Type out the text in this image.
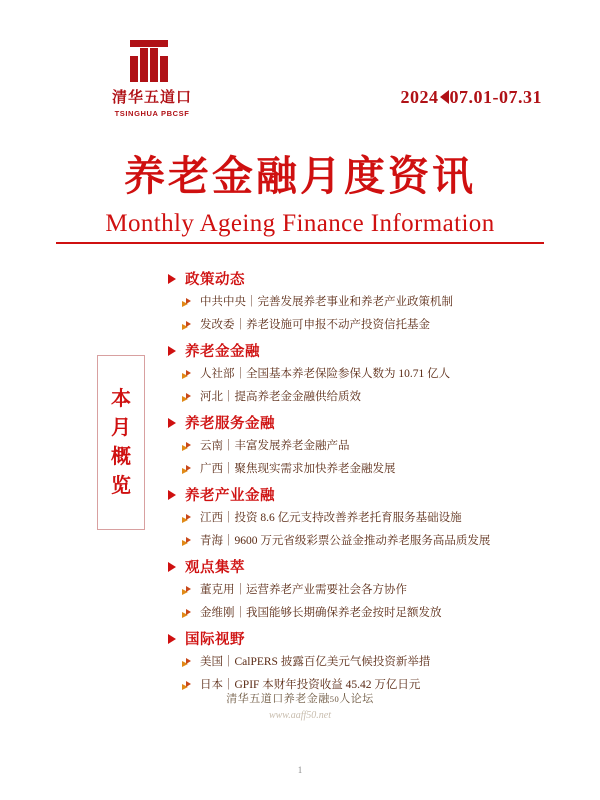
清华五道口
TSINGHUA PBCSF
2024 07.01-07.31
养老金融月度资讯
Monthly Ageing Finance Information
本
月
概
览
政策动态
中共中央｜完善发展养老事业和养老产业政策机制
发改委｜养老设施可申报不动产投资信托基金
养老金金融
人社部｜全国基本养老保险参保人数为 10.71 亿人
河北｜提高养老金金融供给质效
养老服务金融
云南｜丰富发展养老金融产品
广西｜聚焦现实需求加快养老金融发展
养老产业金融
江西｜投资 8.6 亿元支持改善养老托育服务基础设施
青海｜9600 万元省级彩票公益金推动养老服务高品质发展
观点集萃
董克用｜运营养老产业需要社会各方协作
金维刚｜我国能够长期确保养老金按时足额发放
国际视野
美国｜CalPERS 披露百亿美元气候投资新举措
日本｜GPIF 本财年投资收益 45.42 万亿日元
清华五道口养老金融50人论坛
www.aaff50.net
1
